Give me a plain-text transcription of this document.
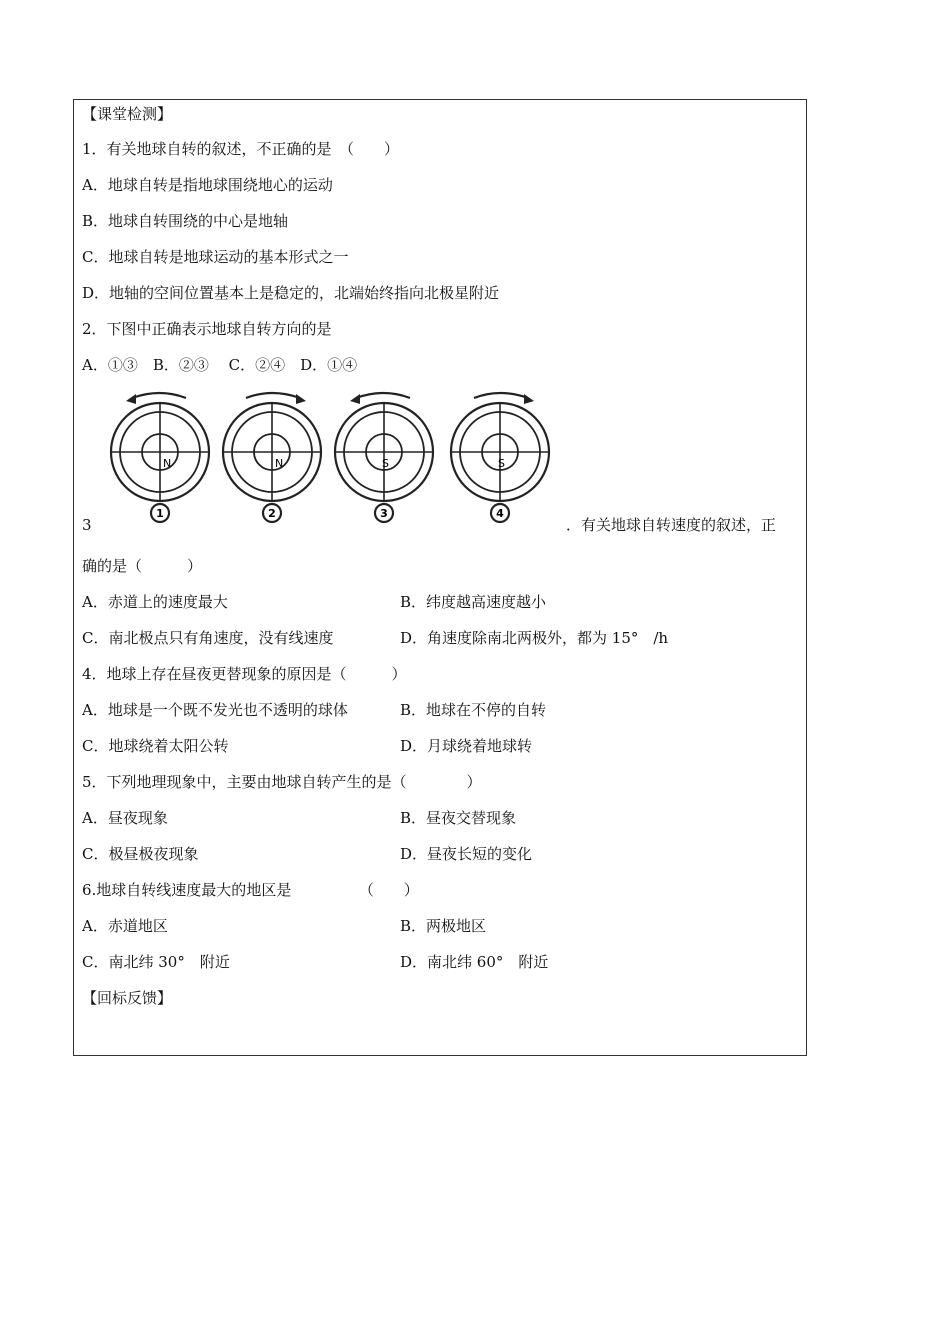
【课堂检测】
1．有关地球自转的叙述，不正确的是　（　　）
A．地球自转是指地球围绕地心的运动
B．地球自转围绕的中心是地轴
C．地球自转是地球运动的基本形式之一
D．地轴的空间位置基本上是稳定的，北端始终指向北极星附近
2．下图中正确表示地球自转方向的是
A．①③　B．②③　 C．②④　D．①④
N
1
N
2
S
3
S
4
3	．有关地球自转速度的叙述，正
确的是（　　　）
A．赤道上的速度最大	B．纬度越高速度越小
C．南北极点只有角速度，没有线速度	D．角速度除南北两极外，都为 15°　/h
4．地球上存在昼夜更替现象的原因是（　　　）
A．地球是一个既不发光也不透明的球体	B．地球在不停的自转
C．地球绕着太阳公转	D．月球绕着地球转
5．下列地理现象中，主要由地球自转产生的是（　　　　）
A．昼夜现象	B．昼夜交替现象
C．极昼极夜现象	D．昼夜长短的变化
6.地球自转线速度最大的地区是　　　　　（　　）
A．赤道地区	B．两极地区
C．南北纬 30°　附近	D．南北纬 60°　附近
【回标反馈】
